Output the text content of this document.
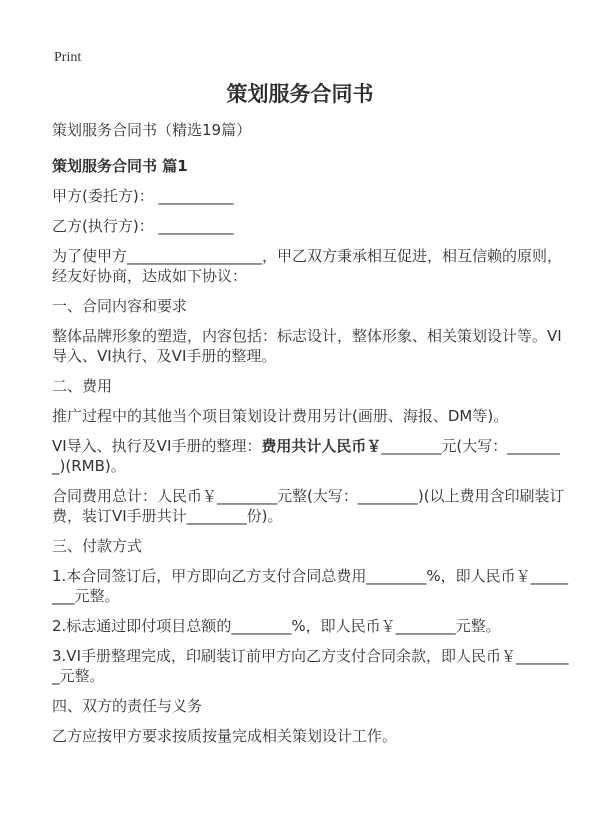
Print
策划服务合同书

策划服务合同书（精选19篇）

策划服务合同书 篇1

甲方(委托方)： __________

乙方(执行方)： __________

为了使甲方__________________，甲乙双方秉承相互促进，相互信赖的原则，经友好协商，达成如下协议：

一、合同内容和要求

整体品牌形象的塑造，内容包括：标志设计，整体形象、相关策划设计等。VI导入、VI执行、及VI手册的整理。

二、费用

推广过程中的其他当个项目策划设计费用另计(画册、海报、DM等)。

VI导入、执行及VI手册的整理：费用共计人民币￥________元(大写：________)(RMB)。

合同费用总计：人民币￥________元整(大写：________)(以上费用含印刷装订费，装订VI手册共计________份)。

三、付款方式

1.本合同签订后，甲方即向乙方支付合同总费用________%，即人民币￥________元整。

2.标志通过即付项目总额的________%，即人民币￥________元整。

3.VI手册整理完成，印刷装订前甲方向乙方支付合同余款，即人民币￥________元整。

四、双方的责任与义务

乙方应按甲方要求按质按量完成相关策划设计工作。
